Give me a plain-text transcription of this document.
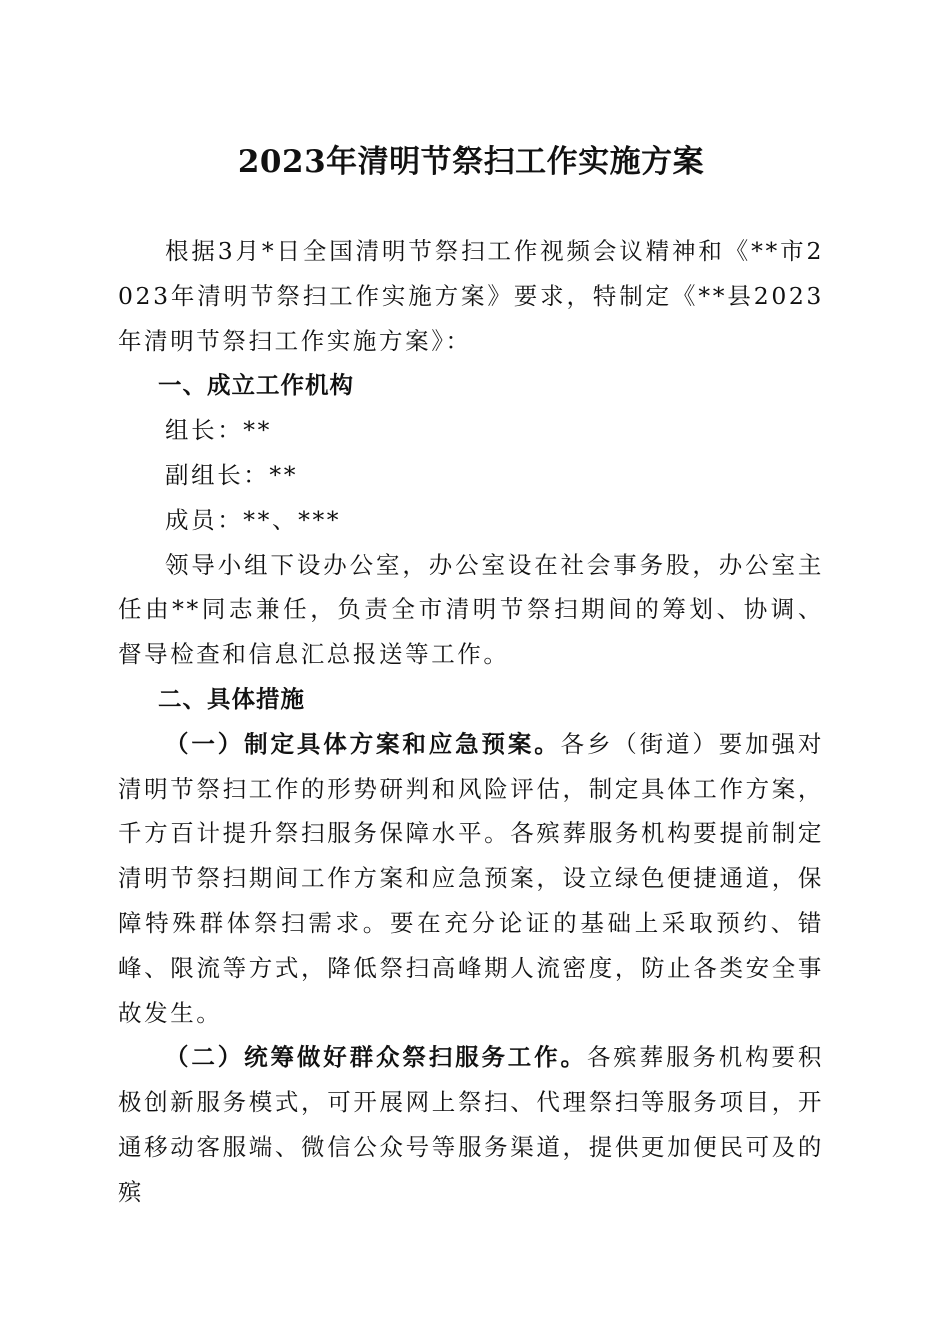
2023年清明节祭扫工作实施方案

根据3月*日全国清明节祭扫工作视频会议精神和《**市2023年清明节祭扫工作实施方案》要求，特制定《**县2023年清明节祭扫工作实施方案》：

一、成立工作机构

组长：**

副组长：**

成员：**、***

领导小组下设办公室，办公室设在社会事务股，办公室主任由**同志兼任，负责全市清明节祭扫期间的筹划、协调、督导检查和信息汇总报送等工作。

二、具体措施

（一）制定具体方案和应急预案。各乡（街道）要加强对清明节祭扫工作的形势研判和风险评估，制定具体工作方案，千方百计提升祭扫服务保障水平。各殡葬服务机构要提前制定清明节祭扫期间工作方案和应急预案，设立绿色便捷通道，保障特殊群体祭扫需求。要在充分论证的基础上采取预约、错峰、限流等方式，降低祭扫高峰期人流密度，防止各类安全事故发生。

（二）统筹做好群众祭扫服务工作。各殡葬服务机构要积极创新服务模式，可开展网上祭扫、代理祭扫等服务项目，开通移动客服端、微信公众号等服务渠道，提供更加便民可及的殡
